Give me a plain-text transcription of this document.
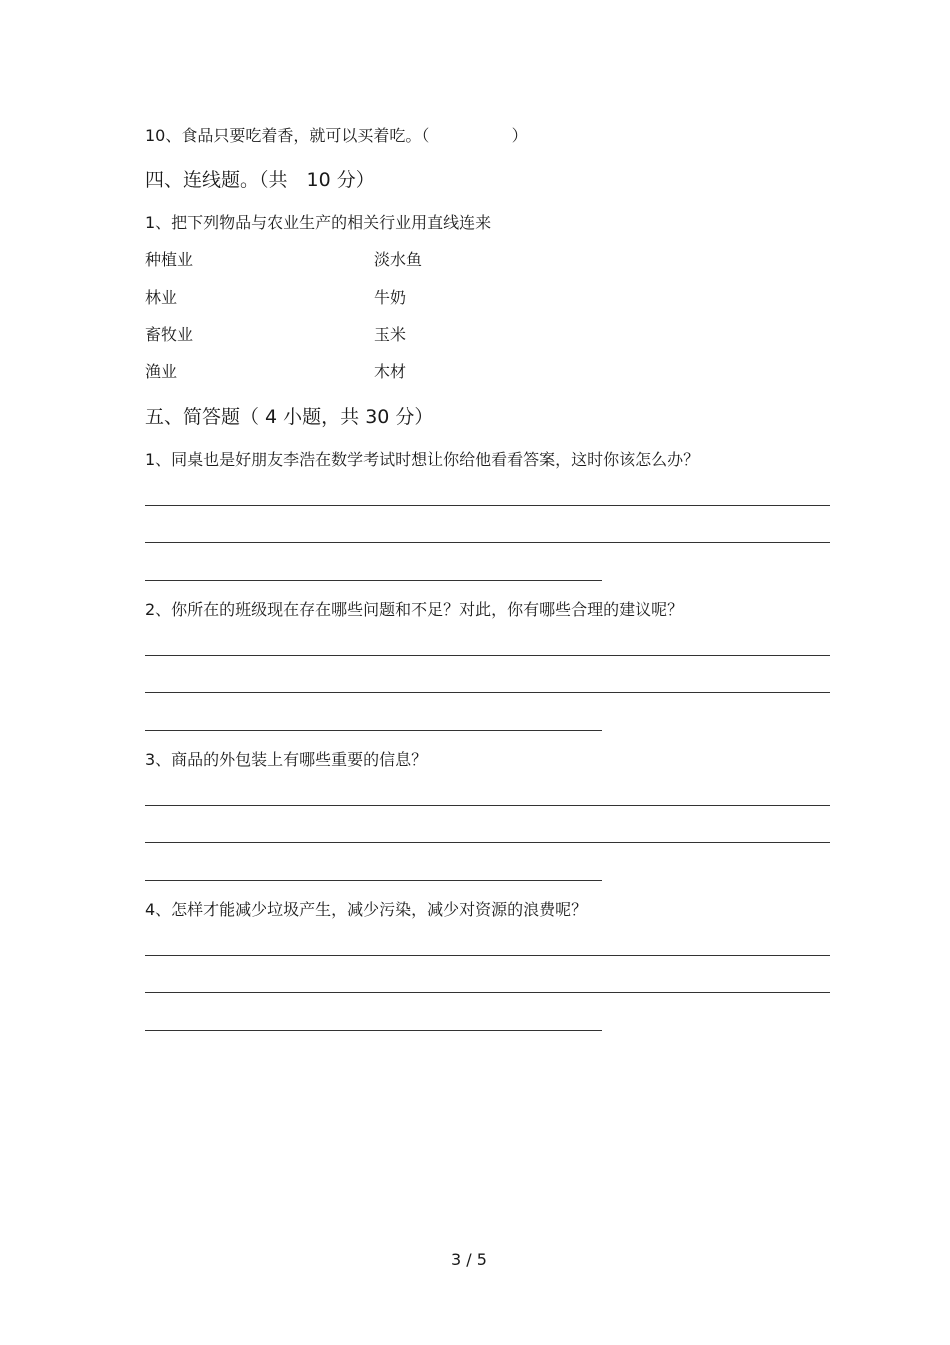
10、食品只要吃着香，就可以买着吃。（	）
四、连线题。（共　10 分）
1、把下列物品与农业生产的相关行业用直线连来
种植业	淡水鱼
林业	牛奶
畜牧业	玉米
渔业	木材
五、简答题（ 4 小题，共 30 分）
1、同桌也是好朋友李浩在数学考试时想让你给他看看答案，这时你该怎么办？
2、你所在的班级现在存在哪些问题和不足？对此，你有哪些合理的建议呢？
3、商品的外包装上有哪些重要的信息？
4、怎样才能减少垃圾产生，减少污染，减少对资源的浪费呢？
3 / 5
